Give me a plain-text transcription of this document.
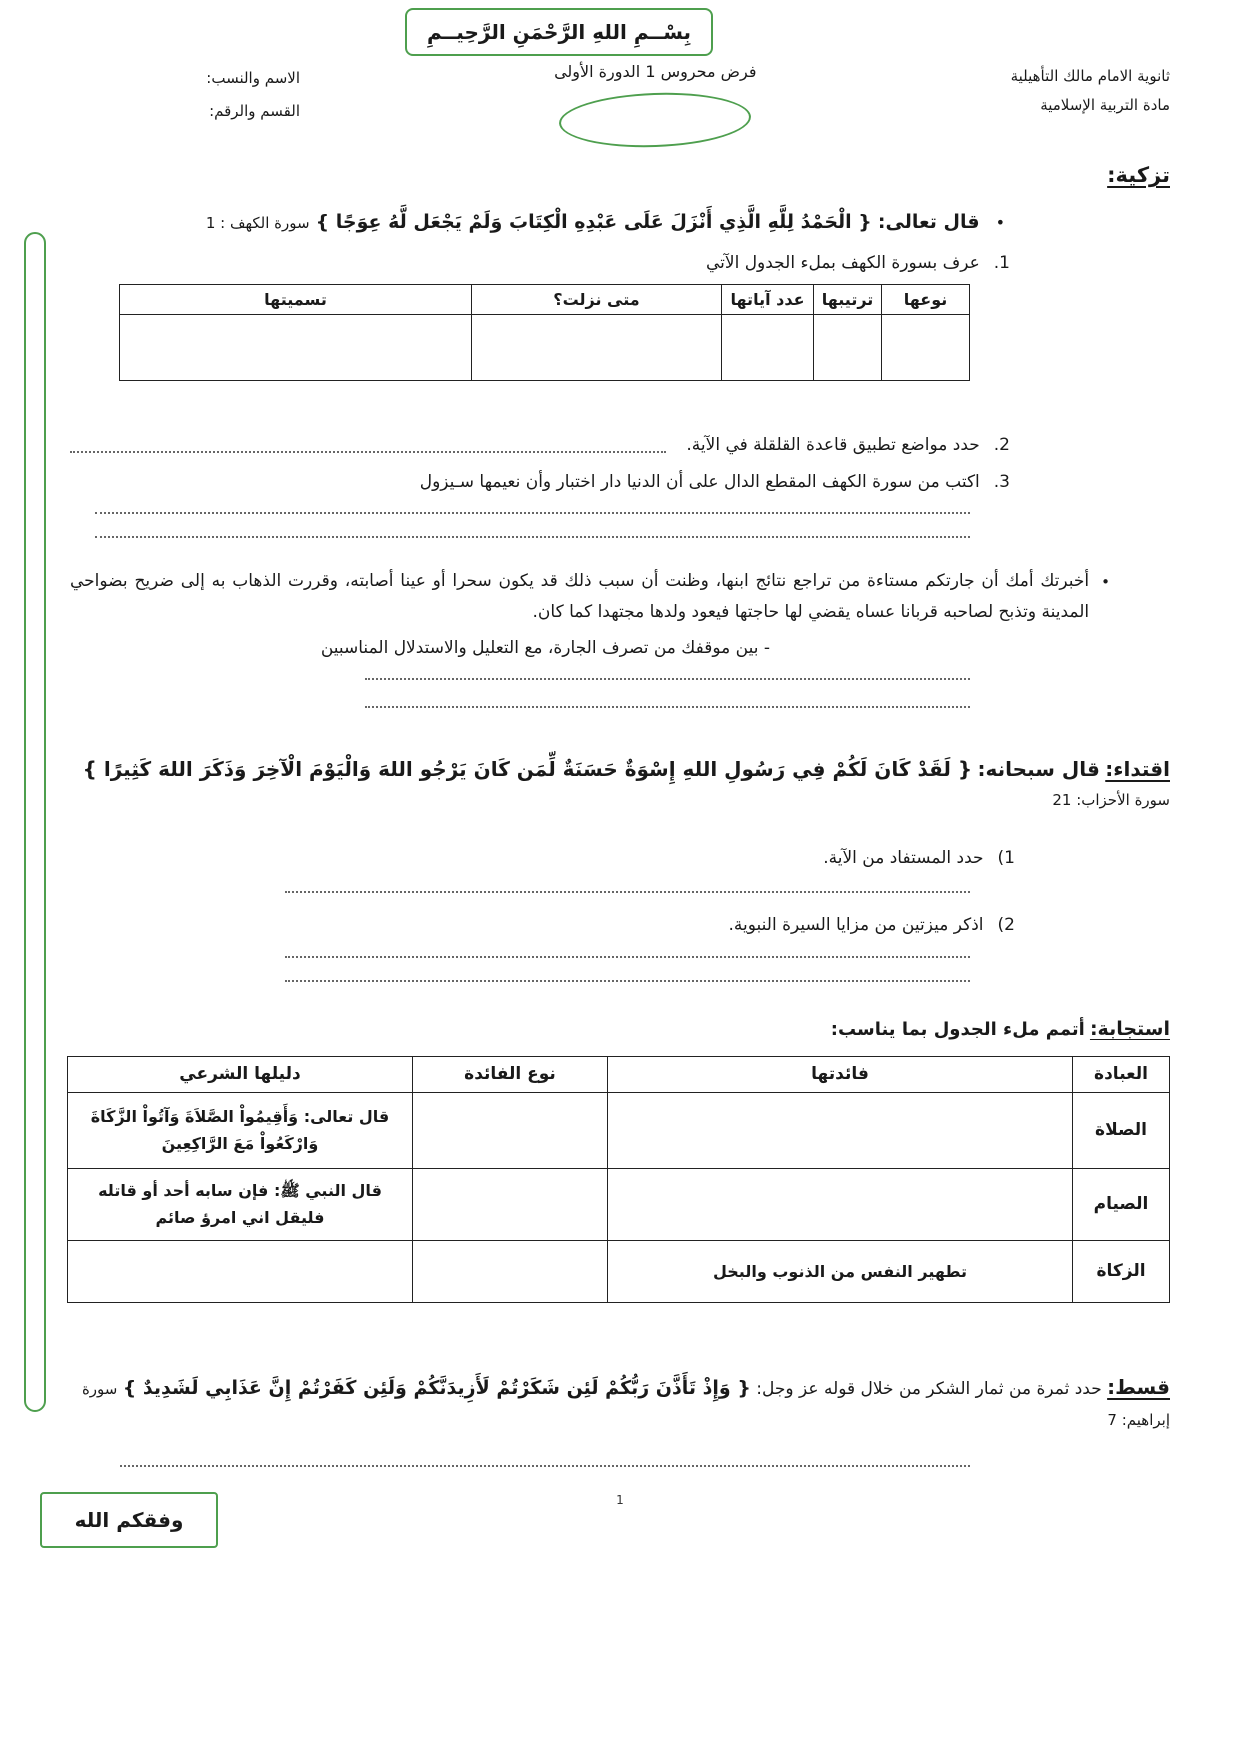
بِسْــمِ اللهِ الرَّحْمَنِ الرَّحِيــمِ
ثانوية الامام مالك التأهيلية
مادة التربية الإسلامية
فرض محروس 1 الدورة الأولى
الاسم والنسب:
القسم والرقم:
تزكية:
• قال تعالى: { الْحَمْدُ لِلَّهِ الَّذِي أَنْزَلَ عَلَى عَبْدِهِ الْكِتَابَ وَلَمْ يَجْعَل لَّهُ عِوَجًا } سورة الكهف : 1
1.
عرف بسورة الكهف بملء الجدول الآتي
نوعها	ترتيبها	عدد آياتها	متى نزلت؟	تسميتها

2.
حدد مواضع تطبيق قاعدة القلقلة في الآية.
3.
اكتب من سورة الكهف المقطع الدال على أن الدنيا دار اختبار وأن نعيمها سـيزول
•
أخبرتك أمك أن جارتكم مستاءة من تراجع نتائج ابنها، وظنت أن سبب ذلك قد يكون سحرا أو عينا أصابته، وقررت الذهاب به إلى ضريح بضواحي المدينة وتذبح لصاحبه قربانا عساه يقضي لها حاجتها فيعود ولدها مجتهدا كما كان.
- بين موقفك من تصرف الجارة، مع التعليل والاستدلال المناسبين
اقتداء: قال سبحانه: { لَقَدْ كَانَ لَكُمْ فِي رَسُولِ اللهِ إِسْوَةٌ حَسَنَةٌ لِّمَن كَانَ يَرْجُو اللهَ وَالْيَوْمَ الْآخِرَ وَذَكَرَ اللهَ كَثِيرًا } سورة الأحزاب: 21
1)
حدد المستفاد من الآية.
2)
اذكر ميزتين من مزايا السيرة النبوية.
استجابة: أتمم ملء الجدول بما يناسب:
العبادة	فائدتها	نوع الفائدة	دليلها الشرعي
الصلاة			قال تعالى: وَأَقِيمُواْ الصَّلاَةَ وَآتُواْ الزَّكَاةَ وَارْكَعُواْ مَعَ الرَّاكِعِينَ
الصيام			قال النبي ﷺ: فإن سابه أحد أو قاتله فليقل اني امرؤ صائم
الزكاة	تطهير النفس من الذنوب والبخل		
قسط: حدد ثمرة من ثمار الشكر من خلال قوله عز وجل: { وَإِذْ تَأَذَّنَ رَبُّكُمْ لَئِن شَكَرْتُمْ لَأَزِيدَنَّكُمْ وَلَئِن كَفَرْتُمْ إِنَّ عَذَابِي لَشَدِيدٌ } سورة إبراهيم: 7
1
وفقكم الله
